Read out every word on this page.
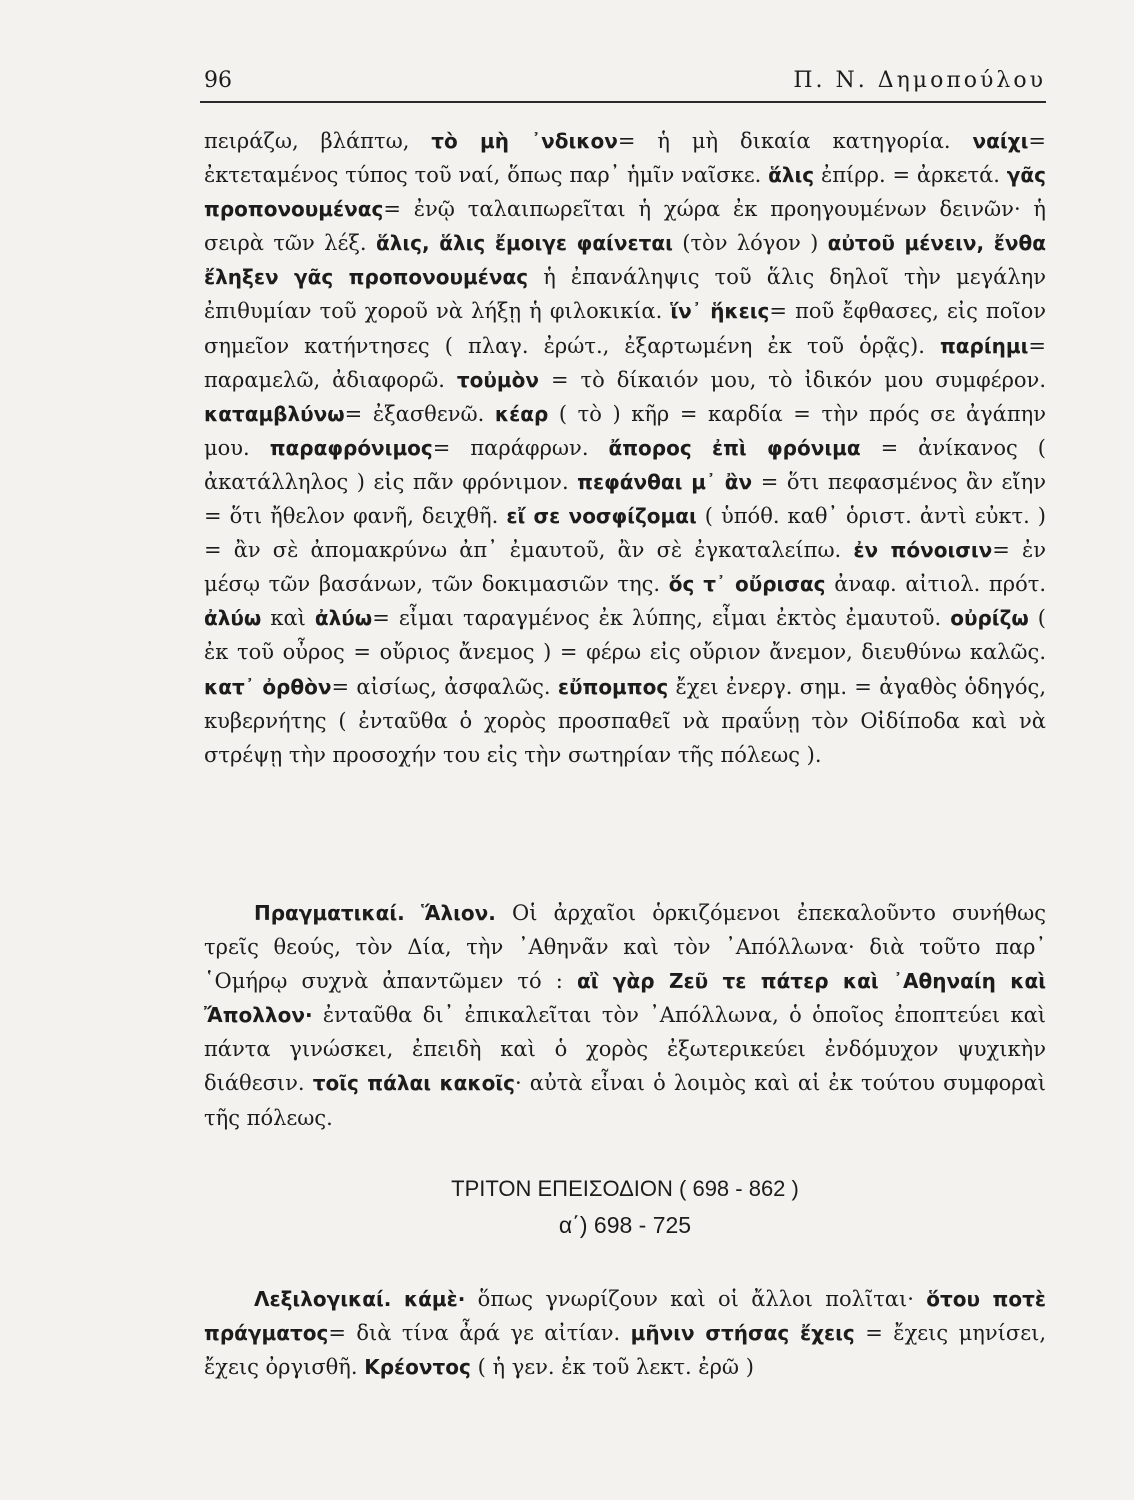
96	Π. Ν. Δημοπούλου
πειράζω, βλάπτω, τὸ μὴ ᾽νδικον= ἡ μὴ δικαία κατηγορία. ναίχι= ἐκτεταμένος τύπος τοῦ ναί, ὅπως παρ᾽ ἡμῖν ναῖσκε. ἅλις ἐπίρρ. = ἀρκετά. γᾶς προπονουμένας= ἐνῷ ταλαιπωρεῖται ἡ χώρα ἐκ προηγουμένων δεινῶν· ἡ σειρὰ τῶν λέξ. ἅλις, ἅλις ἔμοιγε φαίνεται (τὸν λόγον ) αὐτοῦ μένειν, ἔνθα ἔληξεν γᾶς προπονουμένας ἡ ἐπανάληψις τοῦ ἅλις δηλοῖ τὴν μεγάλην ἐπιθυμίαν τοῦ χοροῦ νὰ λήξῃ ἡ φιλοκικία. ἵν᾽ ἥκεις= ποῦ ἔφθασες, εἰς ποῖον σημεῖον κατήντησες ( πλαγ. ἐρώτ., ἐξαρτωμένη ἐκ τοῦ ὁρᾷς). παρίημι= παραμελῶ, ἀδιαφορῶ. τοὐμὸν = τὸ δίκαιόν μου, τὸ ἰδικόν μου συμφέρον. καταμβλύνω= ἐξασθενῶ. κέαρ ( τὸ ) κῆρ = καρδία = τὴν πρός σε ἀγάπην μου. παραφρόνιμος= παράφρων. ἄπορος ἐπὶ φρόνιμα = ἀνίκανος ( ἀκατάλληλος ) εἰς πᾶν φρόνιμον. πεφάνθαι μ᾽ ἂν = ὅτι πεφασμένος ἂν εἴην = ὅτι ἤθελον φανῆ, δειχθῆ. εἴ σε νοσφίζομαι ( ὑπόθ. καθ᾽ ὁριστ. ἀντὶ εὐκτ. ) = ἂν σὲ ἀπομακρύνω ἀπ᾽ ἐμαυτοῦ, ἂν σὲ ἐγκαταλείπω. ἐν πόνοισιν= ἐν μέσῳ τῶν βασάνων, τῶν δοκιμασιῶν της. ὅς τ᾽ οὔρισας ἀναφ. αἰτιολ. πρότ. ἀλύω καὶ ἀλύω= εἶμαι ταραγμένος ἐκ λύπης, εἶμαι ἐκτὸς ἐμαυτοῦ. οὐρίζω ( ἐκ τοῦ οὖρος = οὔριος ἄνεμος ) = φέρω εἰς οὔριον ἄνεμον, διευθύνω καλῶς. κατ᾽ ὀρθὸν= αἰσίως, ἀσφαλῶς. εὔπομπος ἔχει ἐνεργ. σημ. = ἀγαθὸς ὁδηγός, κυβερνήτης ( ἐνταῦθα ὁ χορὸς προσπαθεῖ νὰ πραΰνῃ τὸν Οἰδίποδα καὶ νὰ στρέψῃ τὴν προσοχήν του εἰς τὴν σωτηρίαν τῆς πόλεως ).
Πραγματικαί. Ἅλιον. Οἱ ἀρχαῖοι ὁρκιζόμενοι ἐπεκαλοῦντο συνήθως τρεῖς θεούς, τὸν Δία, τὴν ᾽Αθηνᾶν καὶ τὸν ᾽Απόλλωνα· διὰ τοῦτο παρ᾽ ῾Ομήρῳ συχνὰ ἀπαντῶμεν τό : αἲ γὰρ Ζεῦ τε πάτερ καὶ ᾽Αθηναίη καὶ Ἄπολλον· ἐνταῦθα δι᾽ ἐπικαλεῖται τὸν ᾽Απόλλωνα, ὁ ὁποῖος ἐποπτεύει καὶ πάντα γινώσκει, ἐπειδὴ καὶ ὁ χορὸς ἐξωτερικεύει ἐνδόμυχον ψυχικὴν διάθεσιν. τοῖς πάλαι κακοῖς· αὐτὰ εἶναι ὁ λοιμὸς καὶ αἱ ἐκ τούτου συμφοραὶ τῆς πόλεως.
ΤΡΙΤΟΝ ΕΠΕΙΣΟΔΙΟΝ ( 698 - 862 )
α΄) 698 - 725
Λεξιλογικαί. κάμὲ· ὅπως γνωρίζουν καὶ οἱ ἄλλοι πολῖται· ὅτου ποτὲ πράγματος= διὰ τίνα ἆρά γε αἰτίαν. μῆνιν στήσας ἔχεις = ἔχεις μηνίσει, ἔχεις ὀργισθῆ. Κρέοντος ( ἡ γεν. ἐκ τοῦ λεκτ. ἐρῶ )
